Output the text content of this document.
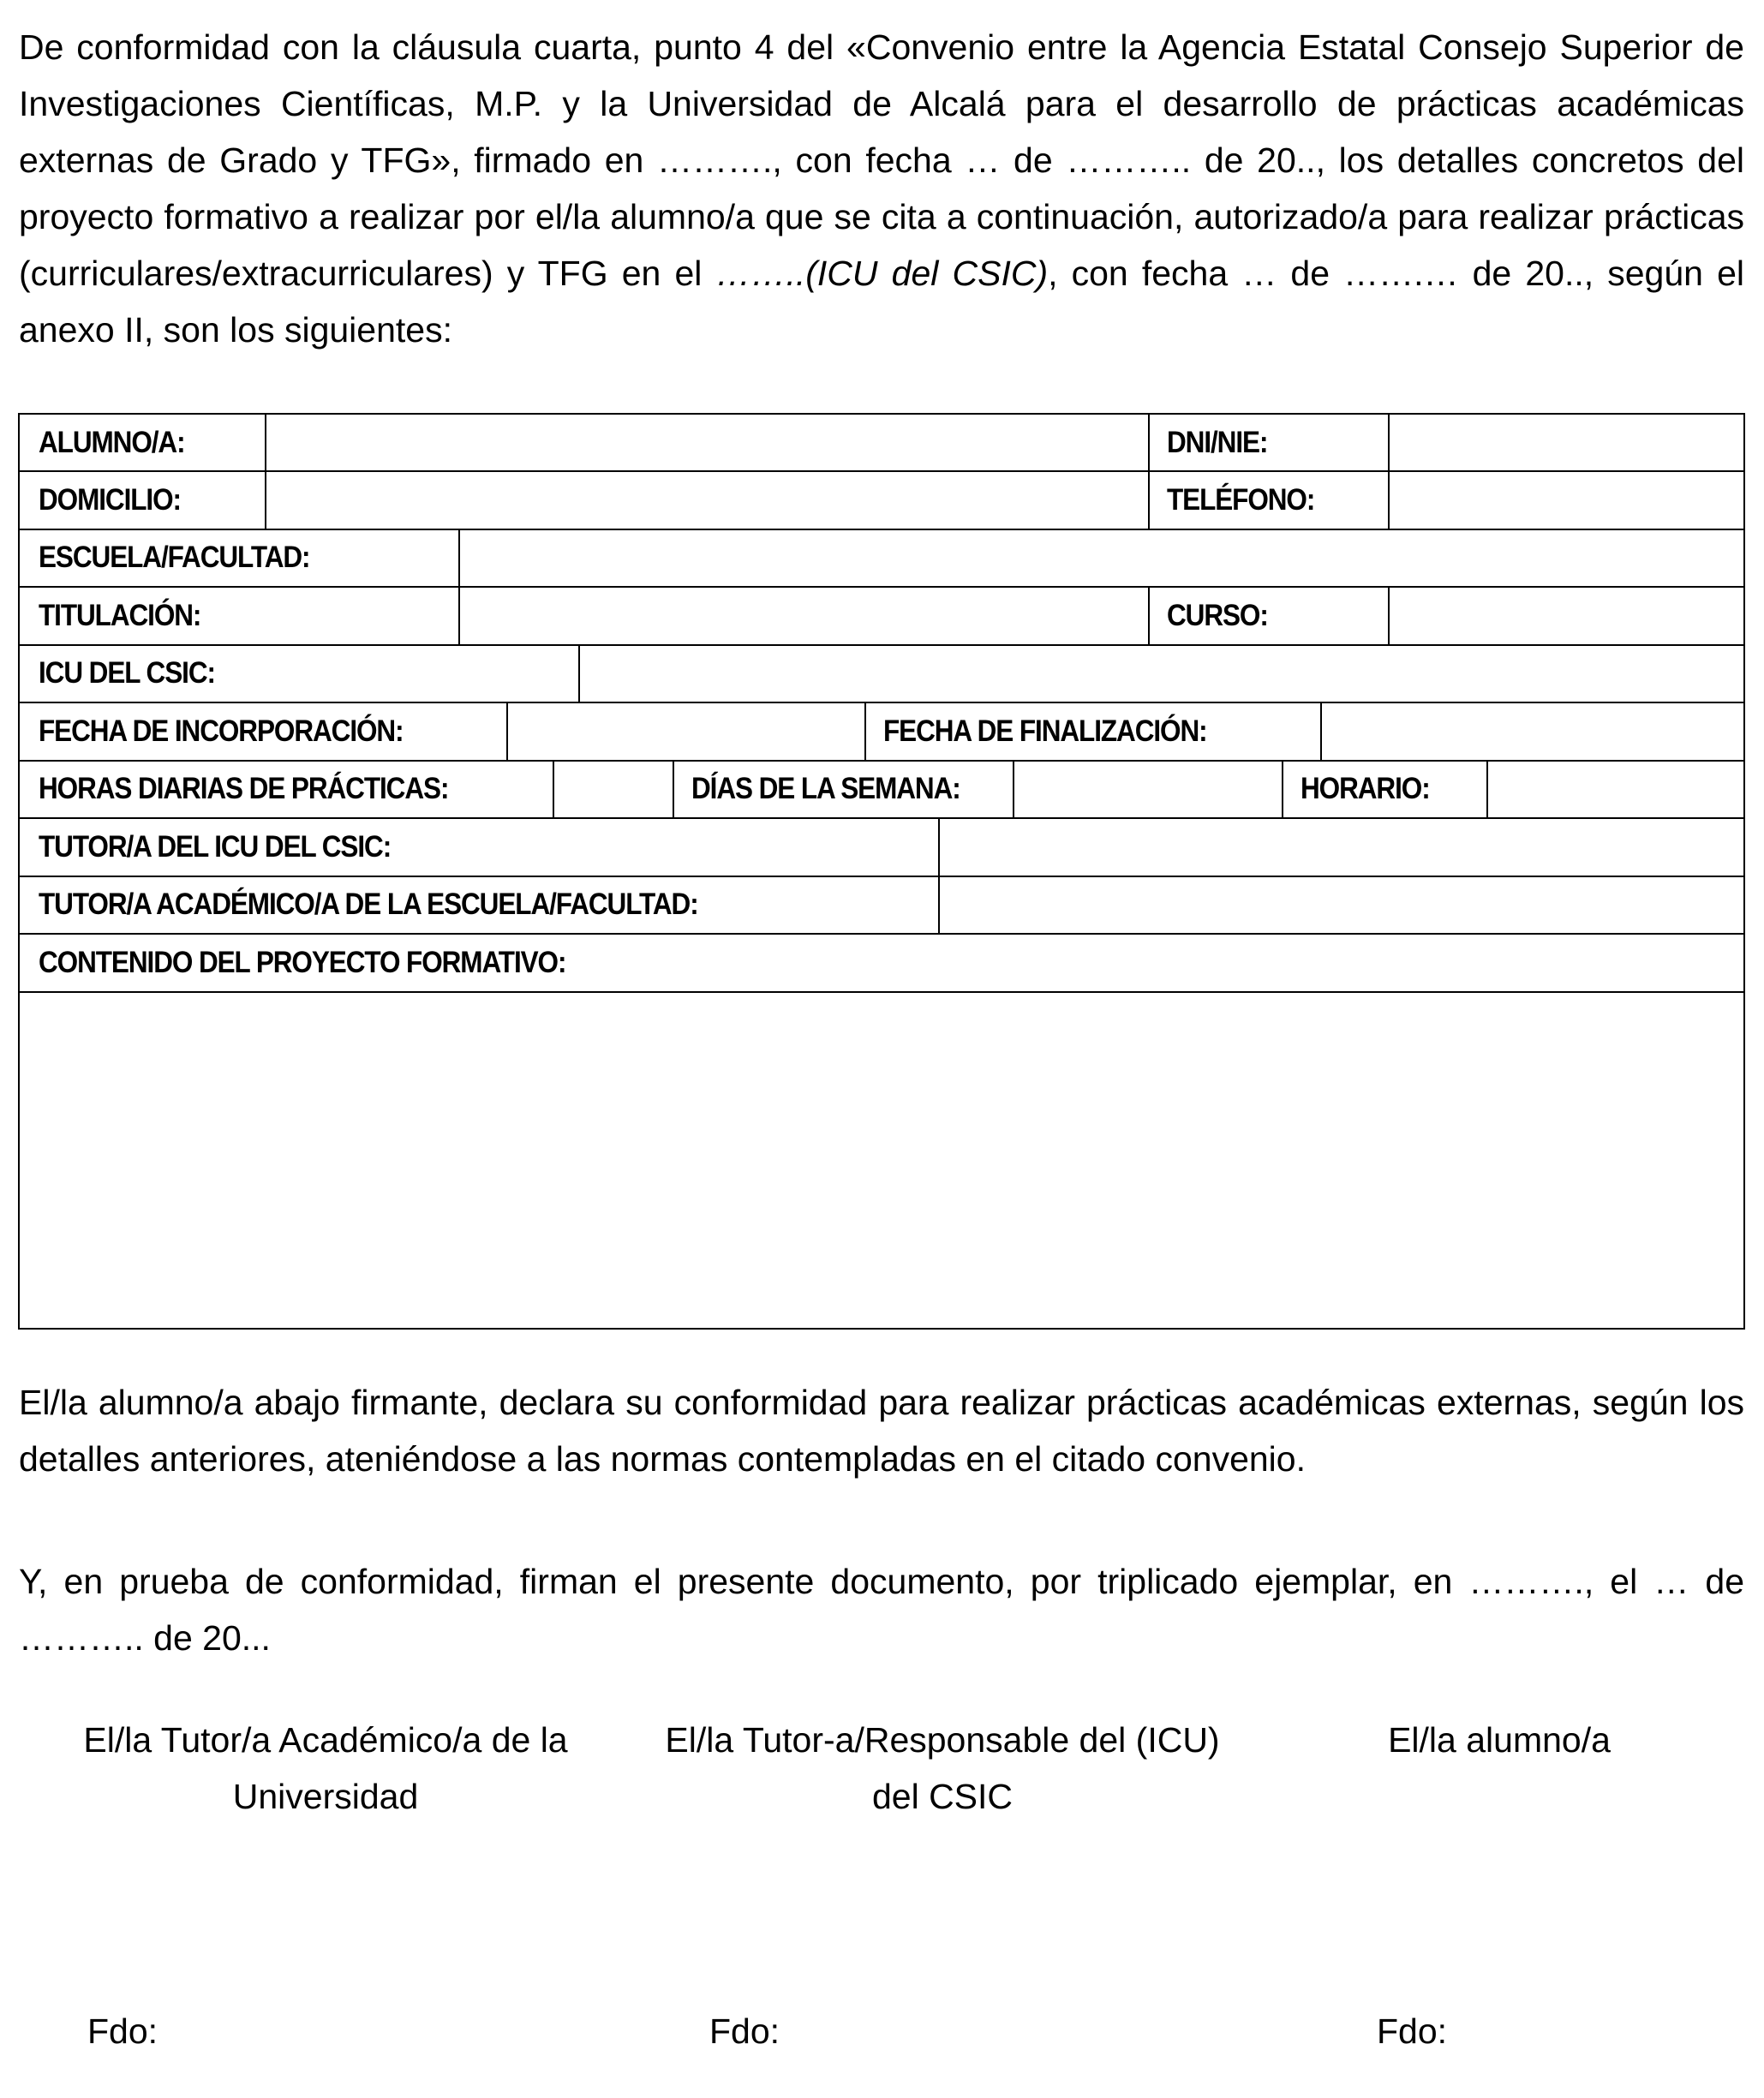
De conformidad con la cláusula cuarta, punto 4 del «Convenio entre la Agencia Estatal Consejo Superior de Investigaciones Científicas, M.P. y la Universidad de Alcalá para el desarrollo de prácticas académicas externas de Grado y TFG», firmado en ………., con fecha … de ……….. de 20.., los detalles concretos del proyecto formativo a realizar por el/la alumno/a que se cita a continuación, autorizado/a para realizar prácticas (curriculares/extracurriculares) y TFG en el ……..(ICU del CSIC), con fecha … de …….… de 20.., según el anexo II, son los siguientes:

ALUMNO/A:	DNI/NIE:
DOMICILIO:	TELÉFONO:
ESCUELA/FACULTAD:
TITULACIÓN:	CURSO:
ICU DEL CSIC:
FECHA DE INCORPORACIÓN:	FECHA DE FINALIZACIÓN:
HORAS DIARIAS DE PRÁCTICAS:	DÍAS DE LA SEMANA:	HORARIO:
TUTOR/A DEL ICU DEL CSIC:
TUTOR/A ACADÉMICO/A DE LA ESCUELA/FACULTAD:
CONTENIDO DEL PROYECTO FORMATIVO:

El/la alumno/a abajo firmante, declara su conformidad para realizar prácticas académicas externas, según los detalles anteriores, ateniéndose a las normas contempladas en el citado convenio.

Y, en prueba de conformidad, firman el presente documento, por triplicado ejemplar, en ………., el … de ……….. de 20...

El/la Tutor/a Académico/a de la
Universidad
El/la Tutor-a/Responsable del (ICU)
del CSIC
El/la alumno/a
Fdo:	Fdo:	Fdo:
